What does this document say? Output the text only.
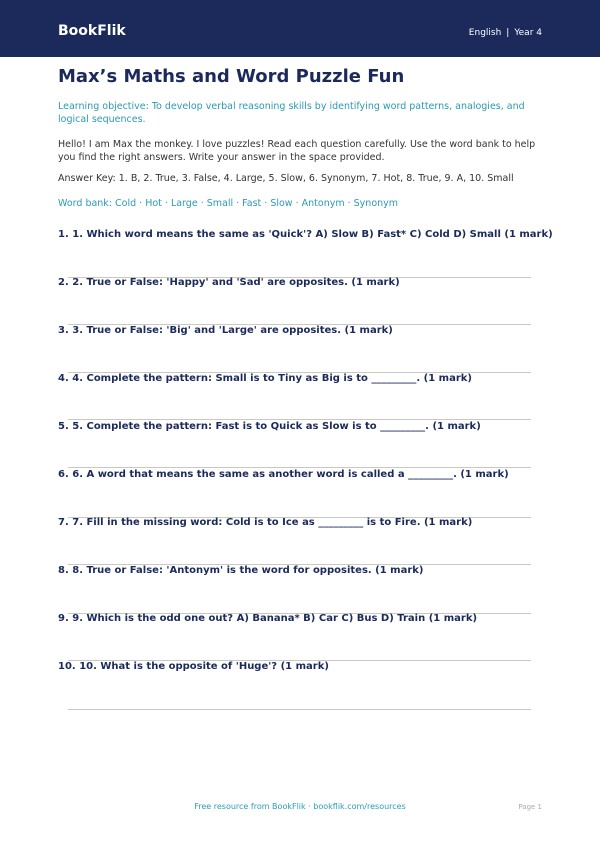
BookFlik	English | Year 4
Max’s Maths and Word Puzzle Fun
Learning objective: To develop verbal reasoning skills by identifying word patterns, analogies, and logical sequences.
Hello! I am Max the monkey. I love puzzles! Read each question carefully. Use the word bank to help you find the right answers. Write your answer in the space provided.
Answer Key: 1. B, 2. True, 3. False, 4. Large, 5. Slow, 6. Synonym, 7. Hot, 8. True, 9. A, 10. Small
Word bank: Cold · Hot · Large · Small · Fast · Slow · Antonym · Synonym
1. 1. Which word means the same as 'Quick'? A) Slow B) Fast* C) Cold D) Small (1 mark)
2. 2. True or False: 'Happy' and 'Sad' are opposites. (1 mark)
3. 3. True or False: 'Big' and 'Large' are opposites. (1 mark)
4. 4. Complete the pattern: Small is to Tiny as Big is to _________. (1 mark)
5. 5. Complete the pattern: Fast is to Quick as Slow is to _________. (1 mark)
6. 6. A word that means the same as another word is called a _________. (1 mark)
7. 7. Fill in the missing word: Cold is to Ice as _________ is to Fire. (1 mark)
8. 8. True or False: 'Antonym' is the word for opposites. (1 mark)
9. 9. Which is the odd one out? A) Banana* B) Car C) Bus D) Train (1 mark)
10. 10. What is the opposite of 'Huge'? (1 mark)
Free resource from BookFlik · bookflik.com/resources	Page 1
